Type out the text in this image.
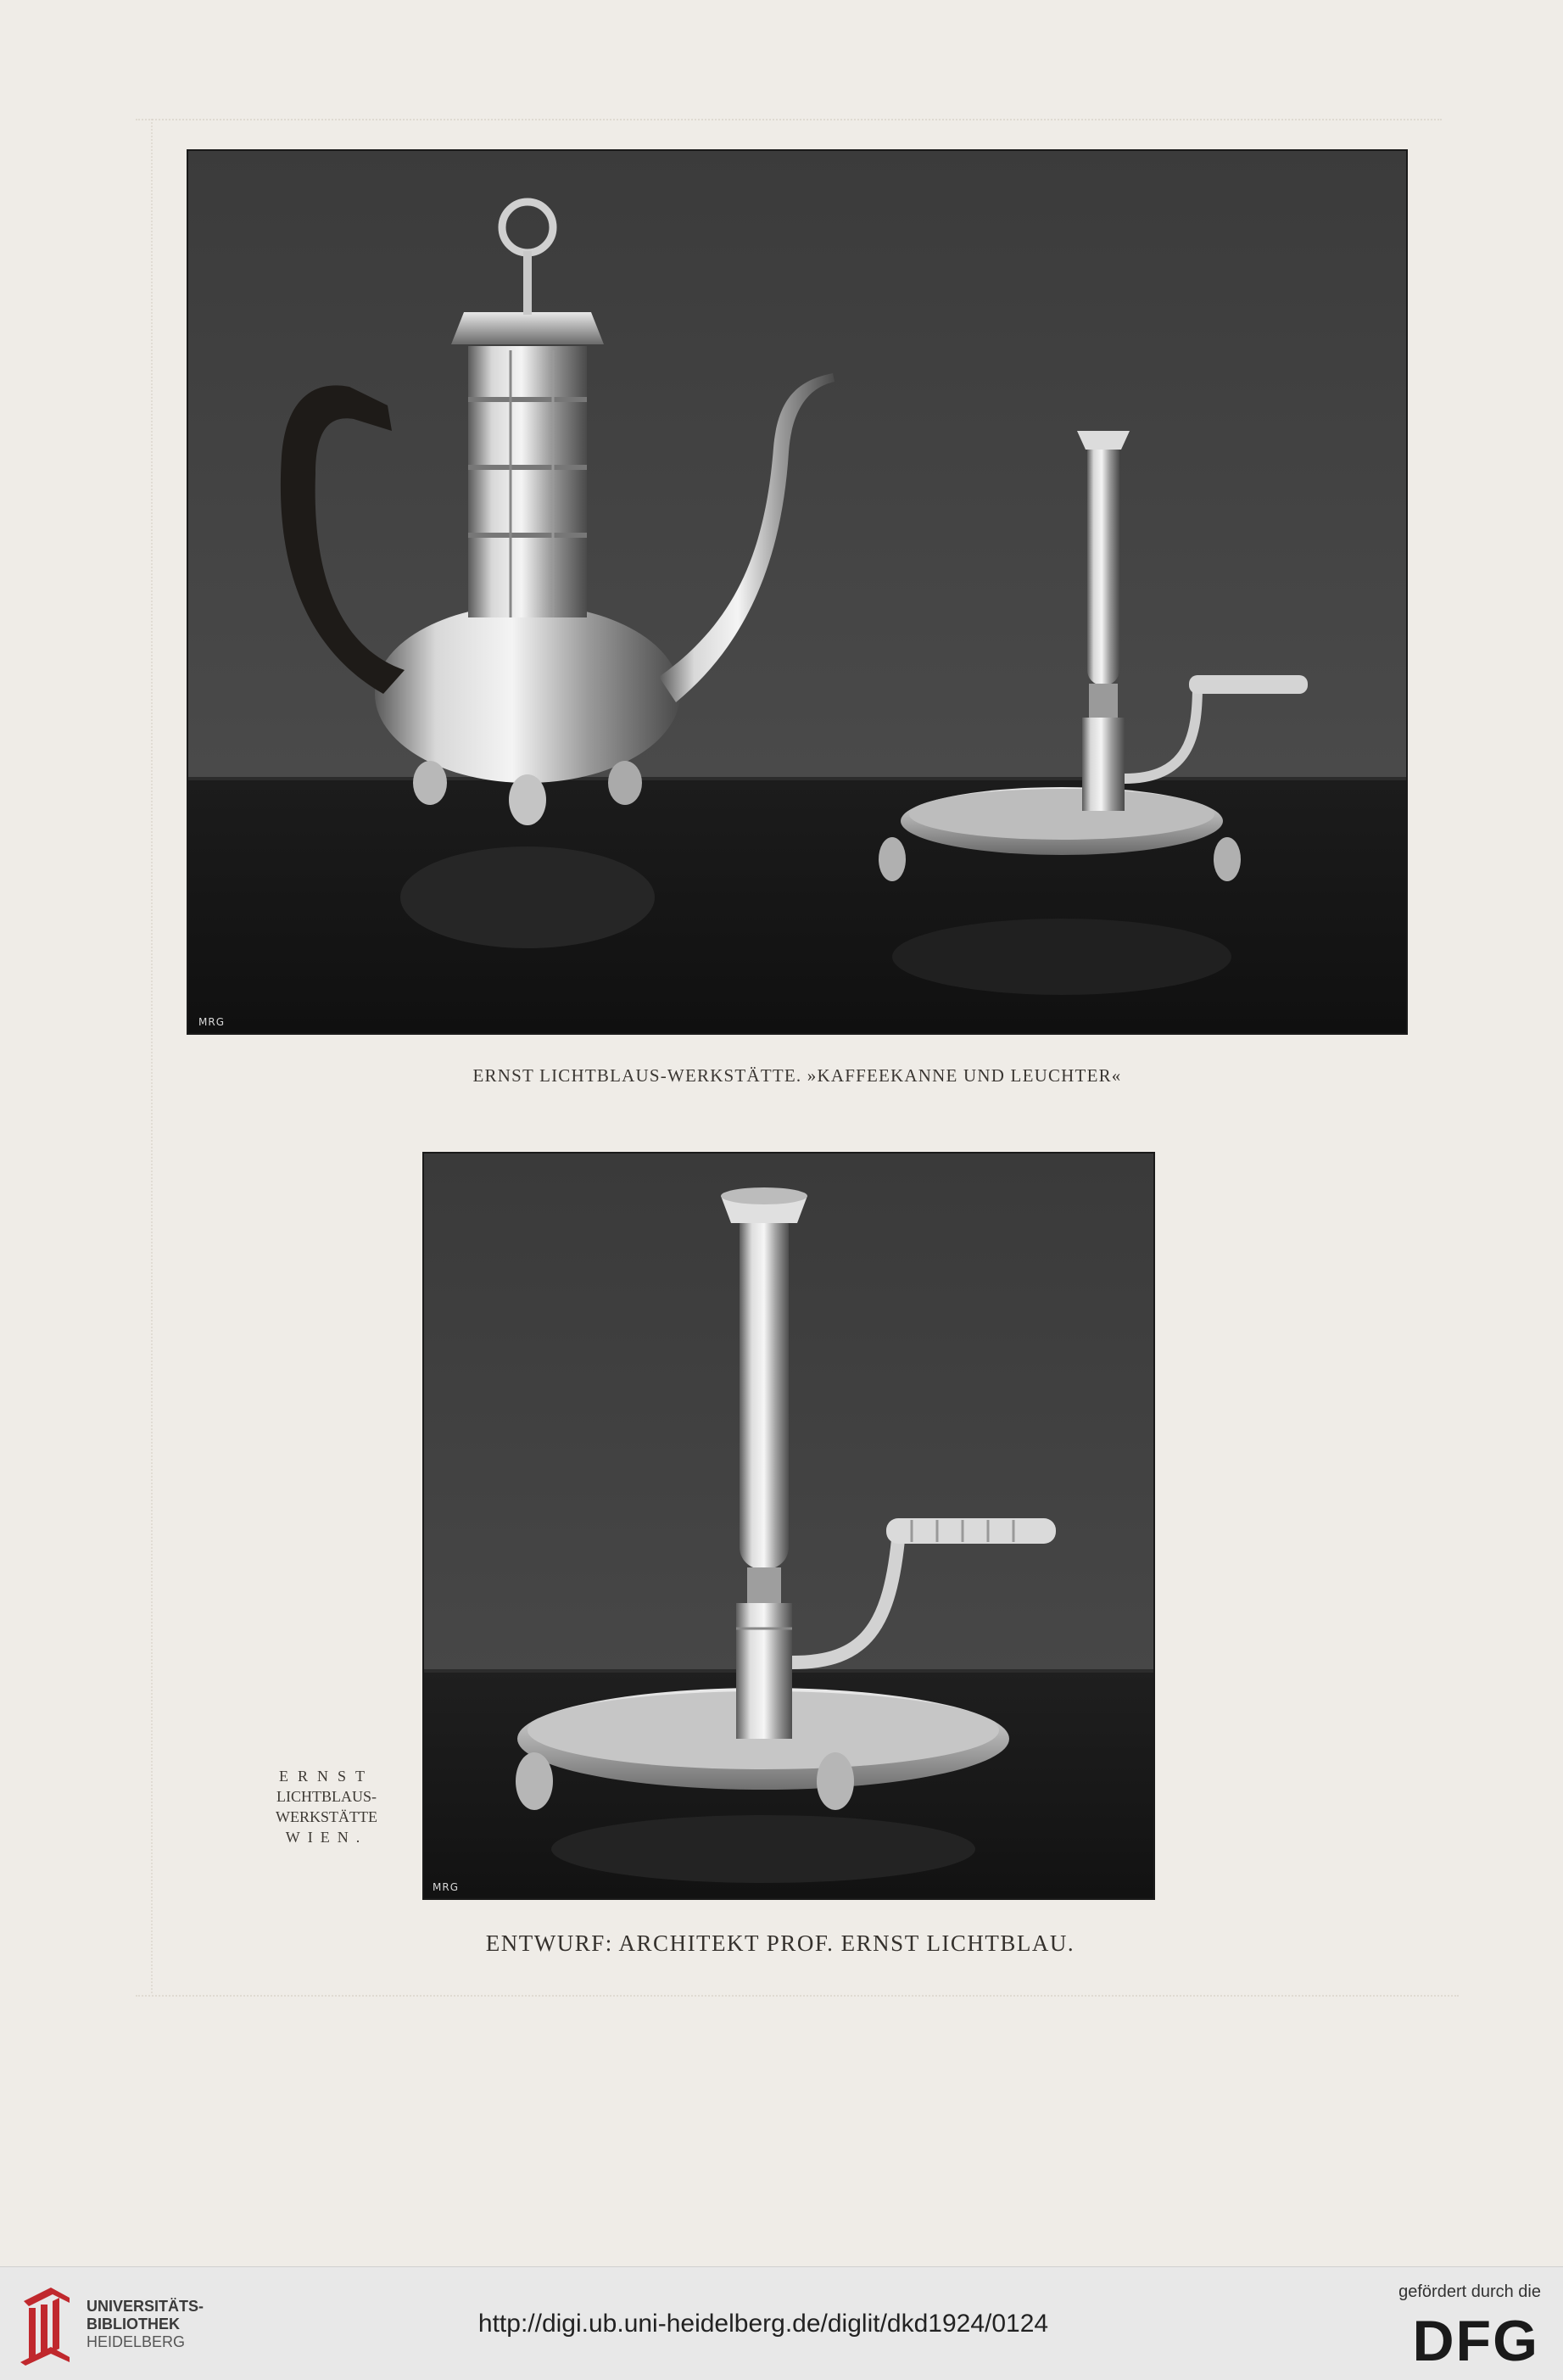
MRG
ERNST LICHTBLAUS-WERKSTÄTTE. »KAFFEEKANNE UND LEUCHTER«
MRG
ERNST
LICHTBLAUS-
WERKSTÄTTE
WIEN.
ENTWURF: ARCHITEKT PROF. ERNST LICHTBLAU.
UNIVERSITÄTS-
BIBLIOTHEK
HEIDELBERG
http://digi.ub.uni-heidelberg.de/diglit/dkd1924/0124
gefördert durch die
DFG
